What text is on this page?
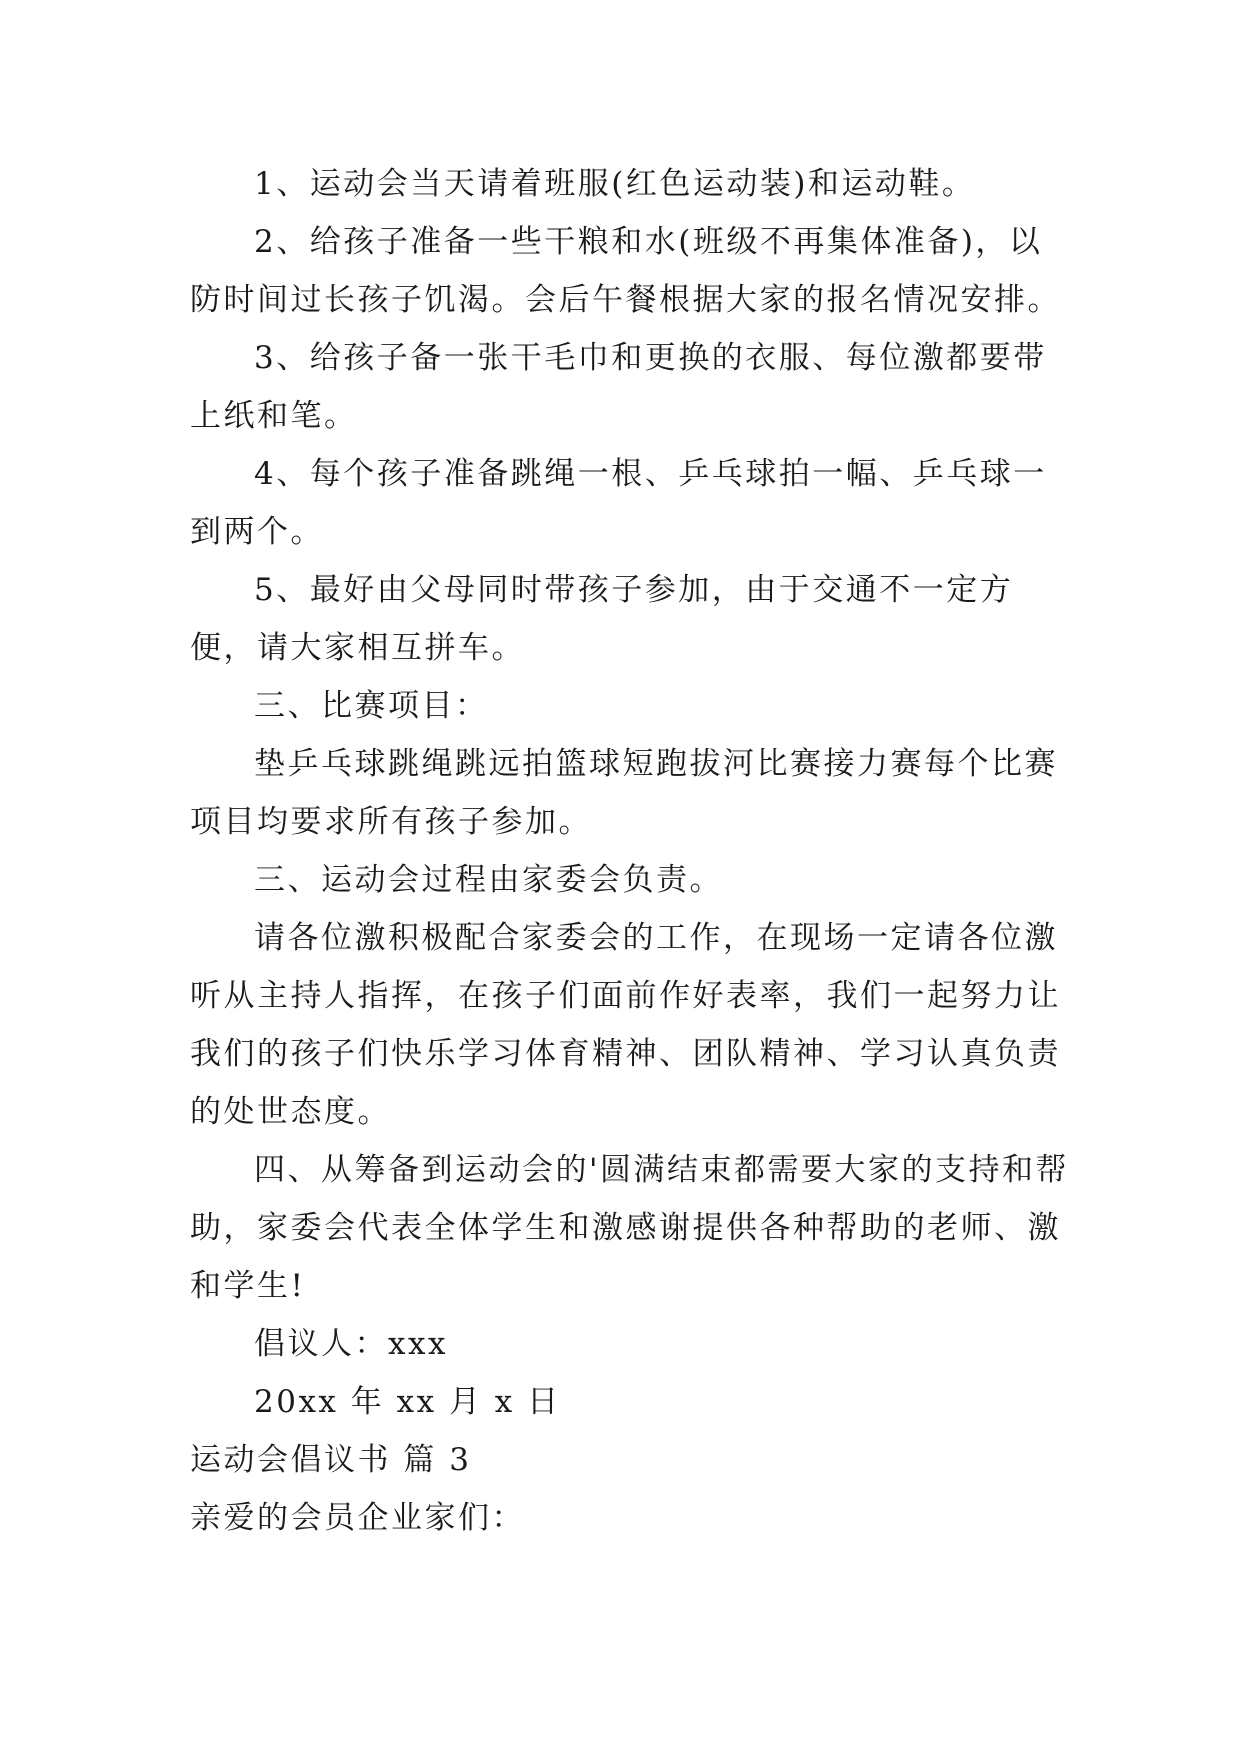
1、运动会当天请着班服(红色运动装)和运动鞋。

2、给孩子准备一些干粮和水(班级不再集体准备)，以防时间过长孩子饥渴。会后午餐根据大家的报名情况安排。

3、给孩子备一张干毛巾和更换的衣服、每位激都要带上纸和笔。

4、每个孩子准备跳绳一根、乒乓球拍一幅、乒乓球一到两个。

5、最好由父母同时带孩子参加，由于交通不一定方便，请大家相互拼车。

三、比赛项目：

垫乒乓球跳绳跳远拍篮球短跑拔河比赛接力赛每个比赛项目均要求所有孩子参加。

三、运动会过程由家委会负责。

请各位激积极配合家委会的工作，在现场一定请各位激听从主持人指挥，在孩子们面前作好表率，我们一起努力让我们的孩子们快乐学习体育精神、团队精神、学习认真负责的处世态度。

四、从筹备到运动会的'圆满结束都需要大家的支持和帮助，家委会代表全体学生和激感谢提供各种帮助的老师、激和学生!

倡议人：xxx

20xx 年 xx 月 x 日

运动会倡议书 篇 3

亲爱的会员企业家们：
